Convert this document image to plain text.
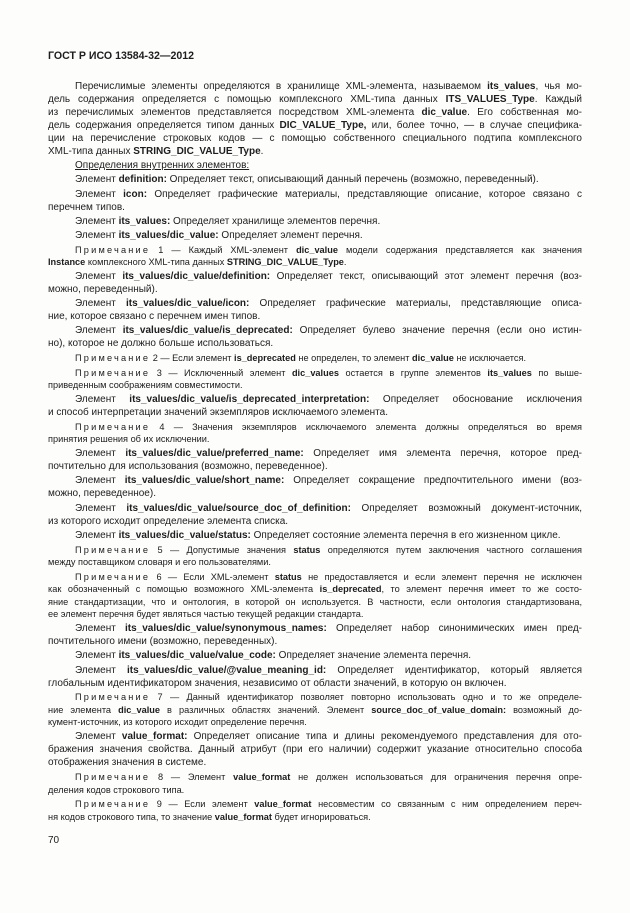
ГОСТ Р ИСО 13584-32—2012
Перечислимые элементы определяются в хранилище XML-элемента, называемом its_values, чья мо-
дель содержания определяется с помощью комплексного XML-типа данных ITS_VALUES_Type. Каждый
из перечислимых элементов представляется посредством XML-элемента dic_value. Его собственная мо-
дель содержания определяется типом данных DIC_VALUE_Type, или, более точно, — в случае специфика-
ции на перечисление строковых кодов — с помощью собственного специального подтипа комплексного
XML-типа данных STRING_DIC_VALUE_Type.
Определения внутренних элементов:
Элемент definition: Определяет текст, описывающий данный перечень (возможно, переведенный).
Элемент icon: Определяет графические материалы, представляющие описание, которое связано с
перечнем типов.
Элемент its_values: Определяет хранилище элементов перечня.
Элемент its_values/dic_value: Определяет элемент перечня.
Примечание 1 — Каждый XML-элемент dic_value модели содержания представляется как значения
Instance комплексного XML-типа данных STRING_DIC_VALUE_Type.
Элемент its_values/dic_value/definition: Определяет текст, описывающий этот элемент перечня (воз-
можно, переведенный).
Элемент its_values/dic_value/icon: Определяет графические материалы, представляющие описа-
ние, которое связано с перечнем имен типов.
Элемент its_values/dic_value/is_deprecated: Определяет булево значение перечня (если оно истин-
но), которое не должно больше использоваться.
Примечание 2 — Если элемент is_deprecated не определен, то элемент dic_value не исключается.
Примечание 3 — Исключенный элемент dic_values остается в группе элементов its_values по выше-
приведенным соображениям совместимости.
Элемент its_values/dic_value/is_deprecated_interpretation: Определяет обоснование исключения
и способ интерпретации значений экземпляров исключаемого элемента.
Примечание 4 — Значения экземпляров исключаемого элемента должны определяться во время
принятия решения об их исключении.
Элемент its_values/dic_value/preferred_name: Определяет имя элемента перечня, которое пред-
почтительно для использования (возможно, переведенное).
Элемент its_values/dic_value/short_name: Определяет сокращение предпочтительного имени (воз-
можно, переведенное).
Элемент its_values/dic_value/source_doc_of_definition: Определяет возможный документ-источник,
из которого исходит определение элемента списка.
Элемент its_values/dic_value/status: Определяет состояние элемента перечня в его жизненном цикле.
Примечание 5 — Допустимые значения status определяются путем заключения частного соглашения
между поставщиком словаря и его пользователями.
Примечание 6 — Если XML-элемент status не предоставляется и если элемент перечня не исключен
как обозначенный с помощью возможного XML-элемента is_deprecated, то элемент перечня имеет то же состо-
яние стандартизации, что и онтология, в которой он используется. В частности, если онтология стандартизована,
ее элемент перечня будет являться частью текущей редакции стандарта.
Элемент its_values/dic_value/synonymous_names: Определяет набор синонимических имен пред-
почтительного имени (возможно, переведенных).
Элемент its_values/dic_value/value_code: Определяет значение элемента перечня.
Элемент its_values/dic_value/@value_meaning_id: Определяет идентификатор, который является
глобальным идентификатором значения, независимо от области значений, в которую он включен.
Примечание 7 — Данный идентификатор позволяет повторно использовать одно и то же определе-
ние элемента dic_value в различных областях значений. Элемент source_doc_of_value_domain: возможный до-
кумент-источник, из которого исходит определение перечня.
Элемент value_format: Определяет описание типа и длины рекомендуемого представления для ото-
бражения значения свойства. Данный атрибут (при его наличии) содержит указание относительно способа
отображения значения в системе.
Примечание 8 — Элемент value_format не должен использоваться для ограничения перечня опре-
деления кодов строкового типа.
Примечание 9 — Если элемент value_format несовместим со связанным с ним определением переч-
ня кодов строкового типа, то значение value_format будет игнорироваться.
70
